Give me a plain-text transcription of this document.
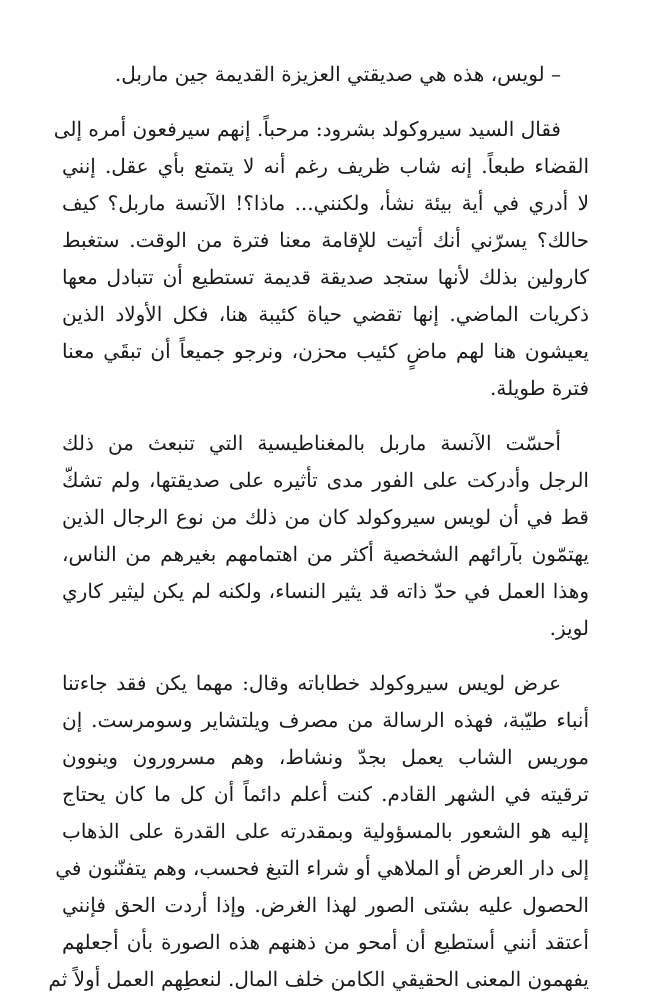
– لويس، هذه هي صديقتي العزيزة القديمة جين ماربل.

فقال السيد سيروكولد بشرود: مرحباً. إنهم سيرفعون أمره إلى
القضاء طبعاً. إنه شاب ظريف رغم أنه لا يتمتع بأي عقل. إنني
لا أدري في أية بيئة نشأ، ولكنني... ماذا؟! الآنسة ماربل؟ كيف
حالك؟ يسرّني أنك أتيت للإقامة معنا فترة من الوقت. ستغبط
كارولين بذلك لأنها ستجد صديقة قديمة تستطيع أن تتبادل معها
ذكريات الماضي. إنها تقضي حياة كئيبة هنا، فكل الأولاد الذين
يعيشون هنا لهم ماضٍ كئيب محزن، ونرجو جميعاً أن تبقَي معنا
فترة طويلة.

أحسّت الآنسة ماربل بالمغناطيسية التي تنبعث من ذلك
الرجل وأدركت على الفور مدى تأثيره على صديقتها، ولم تشكّ
قط في أن لويس سيروكولد كان من ذلك من نوع الرجال الذين
يهتمّون بآرائهم الشخصية أكثر من اهتمامهم بغيرهم من الناس،
وهذا العمل في حدّ ذاته قد يثير النساء، ولكنه لم يكن ليثير كاري
لويز.

عرض لويس سيروكولد خطاباته وقال: مهما يكن فقد جاءتنا
أنباء طيّبة، فهذه الرسالة من مصرف ويلتشاير وسومرست. إن
موريس الشاب يعمل بجدّ ونشاط، وهم مسرورون وينوون
ترقيته في الشهر القادم. كنت أعلم دائماً أن كل ما كان يحتاج
إليه هو الشعور بالمسؤولية وبمقدرته على القدرة على الذهاب
إلى دار العرض أو الملاهي أو شراء التبغ فحسب، وهم يتفنّنون في
الحصول عليه بشتى الصور لهذا الغرض. وإذا أردت الحق فإنني
أعتقد أنني أستطيع أن أمحو من ذهنهم هذه الصورة بأن أجعلهم
يفهمون المعنى الحقيقي الكامن خلف المال. لنعطِهم العمل أولاً ثم
